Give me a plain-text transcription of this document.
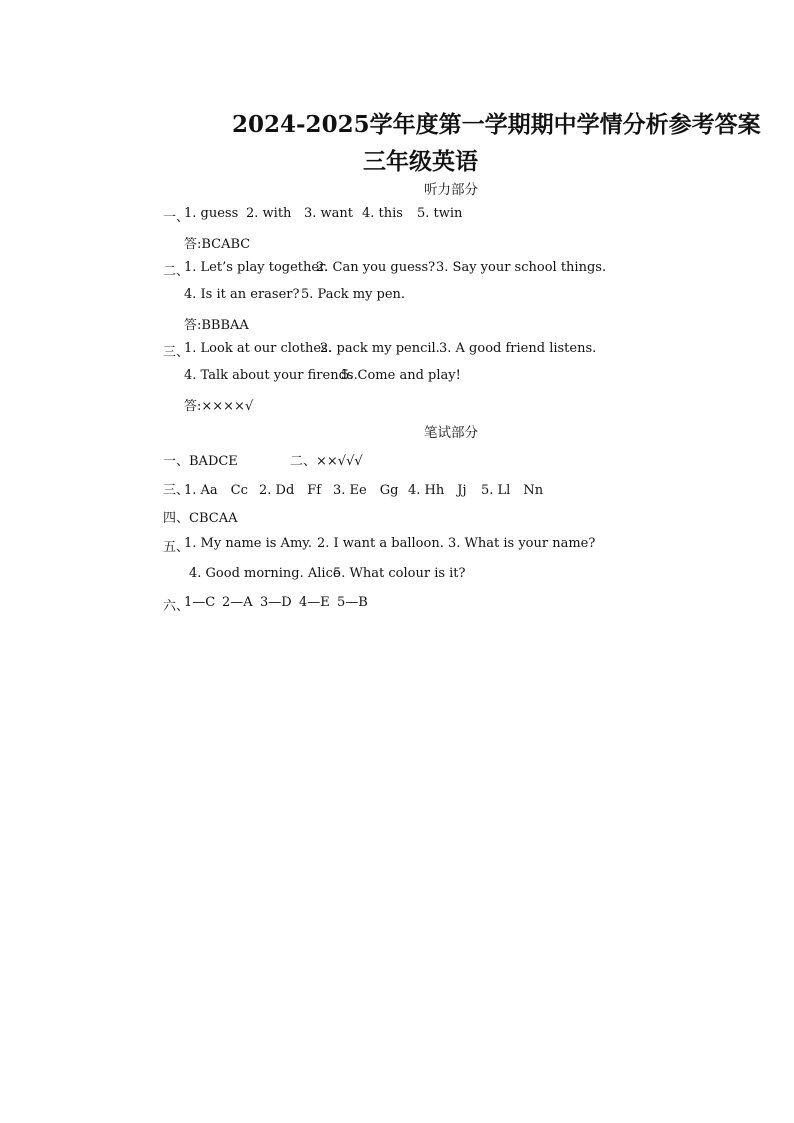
2024-2025学年度第一学期期中学情分析参考答案
三年级英语
听力部分
一、
1. guess 2. with 3. want 4. this 5. twin
答:BCABC
二、
1. Let’s play together.
2. Can you guess? 3. Say your school things.
4. Is it an eraser? 5. Pack my pen.
答:BBBAA
三、
1. Look at our clothes.
2. pack my pencil. 3. A good friend listens.
4. Talk about your firends.
5. Come and play!
答:××××√
笔试部分
一、BADCE	二、××√√√
三、
1. Aa　Cc 2. Dd　Ff 3. Ee　Gg 4. Hh　Jj 5. Ll　Nn
四、CBCAA
五、
1. My name is Amy. 2. I want a balloon. 3. What is your name?
4. Good morning. Alice
5. What colour is it?
六、
1—C 2—A 3—D 4—E 5—B
